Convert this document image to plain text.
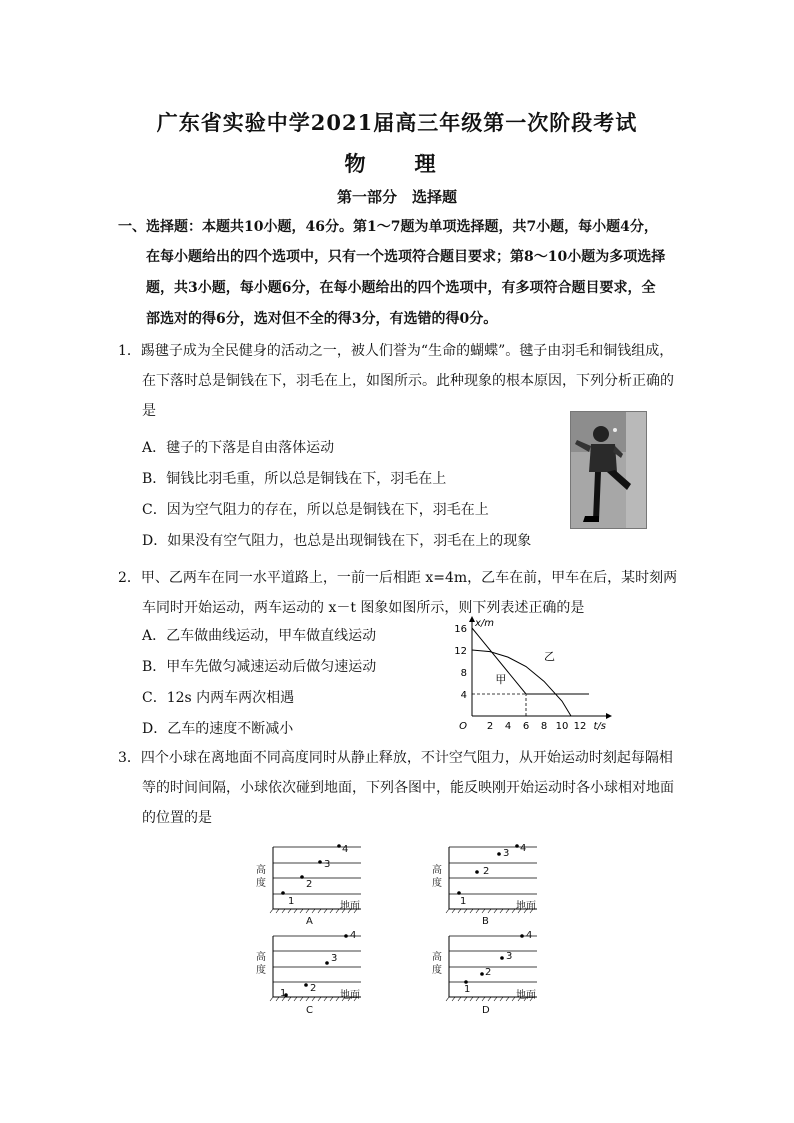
广东省实验中学2021届高三年级第一次阶段考试
物　理
第一部分　选择题
一、选择题：本题共10小题，46分。第1～7题为单项选择题，共7小题，每小题4分，
在每小题给出的四个选项中，只有一个选项符合题目要求；第8～10小题为多项选择
题，共3小题，每小题6分，在每小题给出的四个选项中，有多项符合题目要求，全
部选对的得6分，选对但不全的得3分，有选错的得0分。
1．踢毽子成为全民健身的活动之一，被人们誉为“生命的蝴蝶”。毽子由羽毛和铜钱组成，
在下落时总是铜钱在下，羽毛在上，如图所示。此种现象的根本原因，下列分析正确的
是
A．毽子的下落是自由落体运动
B．铜钱比羽毛重，所以总是铜钱在下，羽毛在上
C．因为空气阻力的存在，所以总是铜钱在下，羽毛在上
D．如果没有空气阻力，也总是出现铜钱在下，羽毛在上的现象
2．甲、乙两车在同一水平道路上，一前一后相距 x=4m，乙车在前，甲车在后，某时刻两
车同时开始运动，两车运动的 x－t 图象如图所示，则下列表述正确的是
A．乙车做曲线运动，甲车做直线运动
B．甲车先做匀减速运动后做匀速运动
C．12s 内两车两次相遇
D．乙车的速度不断减小	2 4 6 8 10 12
4
8
12
16
O
x/m
t/s
甲
乙
3．四个小球在离地面不同高度同时从静止释放，不计空气阻力，从开始运动时刻起每隔相
等的时间间隔，小球依次碰到地面，下列各图中，能反映刚开始运动时各小球相对地面
的位置的是
1
2
3
4
高度
地面
A
1
2
3 4
高度
地面
B
1 2
3
4
高度
地面
C
1
2
3
4
高度
地面
D
